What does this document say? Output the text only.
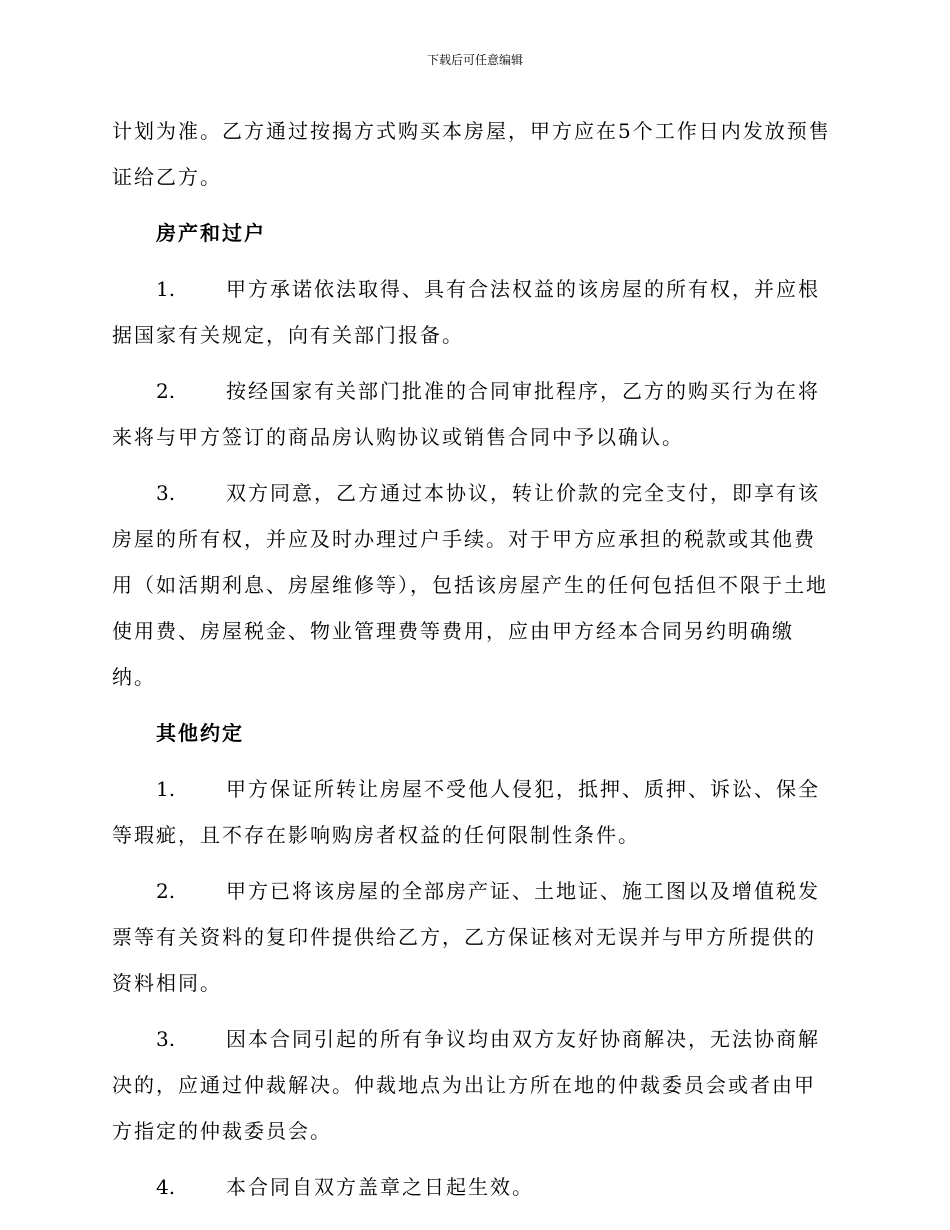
下载后可任意编辑

计划为准。乙方通过按揭方式购买本房屋，甲方应在5个工作日内发放预售证给乙方。

房产和过户

1.	甲方承诺依法取得、具有合法权益的该房屋的所有权，并应根据国家有关规定，向有关部门报备。

2.	按经国家有关部门批准的合同审批程序，乙方的购买行为在将来将与甲方签订的商品房认购协议或销售合同中予以确认。

3.	双方同意，乙方通过本协议，转让价款的完全支付，即享有该房屋的所有权，并应及时办理过户手续。对于甲方应承担的税款或其他费用（如活期利息、房屋维修等），包括该房屋产生的任何包括但不限于土地使用费、房屋税金、物业管理费等费用，应由甲方经本合同另约明确缴纳。

其他约定

1.	甲方保证所转让房屋不受他人侵犯，抵押、质押、诉讼、保全等瑕疵，且不存在影响购房者权益的任何限制性条件。

2.	甲方已将该房屋的全部房产证、土地证、施工图以及增值税发票等有关资料的复印件提供给乙方，乙方保证核对无误并与甲方所提供的资料相同。

3.	因本合同引起的所有争议均由双方友好协商解决，无法协商解决的，应通过仲裁解决。仲裁地点为出让方所在地的仲裁委员会或者由甲方指定的仲裁委员会。

4.	本合同自双方盖章之日起生效。
